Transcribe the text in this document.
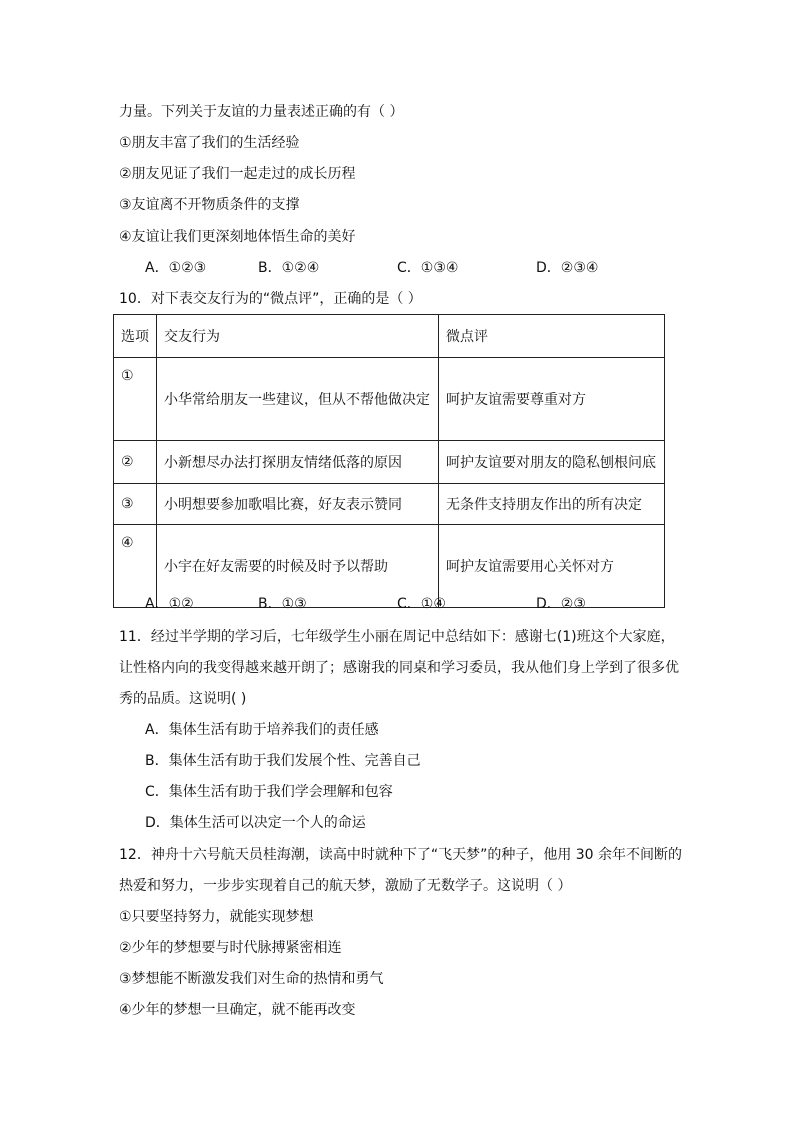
力量。下列关于友谊的力量表述正确的有（ ）
①朋友丰富了我们的生活经验
②朋友见证了我们一起走过的成长历程
③友谊离不开物质条件的支撑
④友谊让我们更深刻地体悟生命的美好
A．①②③	B．①②④	C．①③④	D．②③④
10．对下表交友行为的“微点评”，正确的是（ ）
选项	交友行为	微点评
①	小华常给朋友一些建议，但从不帮他做决定	呵护友谊需要尊重对方
②	小新想尽办法打探朋友情绪低落的原因	呵护友谊要对朋友的隐私刨根问底
③	小明想要参加歌唱比赛，好友表示赞同	无条件支持朋友作出的所有决定
④	小宇在好友需要的时候及时予以帮助	呵护友谊需要用心关怀对方
A．①②	B．①③	C．①④	D．②③
11．经过半学期的学习后，七年级学生小丽在周记中总结如下：感谢七(1)班这个大家庭，
让性格内向的我变得越来越开朗了；感谢我的同桌和学习委员，我从他们身上学到了很多优
秀的品质。这说明( )
A．集体生活有助于培养我们的责任感
B．集体生活有助于我们发展个性、完善自己
C．集体生活有助于我们学会理解和包容
D．集体生活可以决定一个人的命运
12．神舟十六号航天员桂海潮，读高中时就种下了“飞天梦”的种子，他用 30 余年不间断的
热爱和努力，一步步实现着自己的航天梦，激励了无数学子。这说明（ ）
①只要坚持努力，就能实现梦想
②少年的梦想要与时代脉搏紧密相连
③梦想能不断激发我们对生命的热情和勇气
④少年的梦想一旦确定，就不能再改变
